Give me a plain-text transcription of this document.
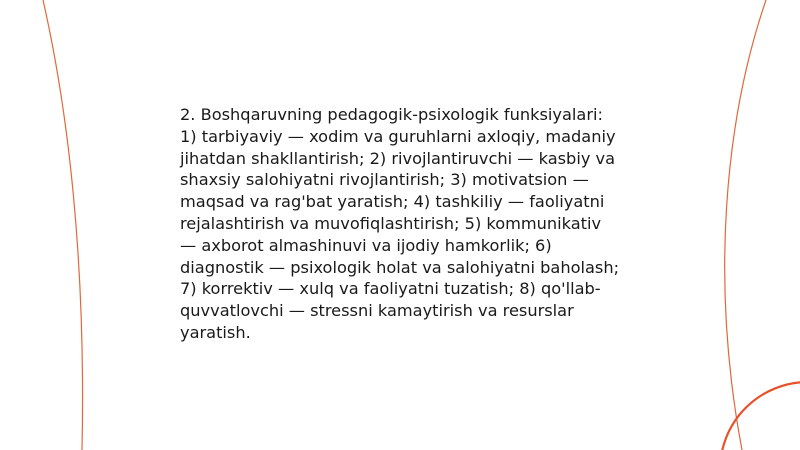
2. Boshqaruvning pedagogik-psixologik funksiyalari:
1) tarbiyaviy — xodim va guruhlarni axloqiy, madaniy
jihatdan shakllantirish; 2) rivojlantiruvchi — kasbiy va
shaxsiy salohiyatni rivojlantirish; 3) motivatsion —
maqsad va rag'bat yaratish; 4) tashkiliy — faoliyatni
rejalashtirish va muvofiqlashtirish; 5) kommunikativ
— axborot almashinuvi va ijodiy hamkorlik; 6)
diagnostik — psixologik holat va salohiyatni baholash;
7) korrektiv — xulq va faoliyatni tuzatish; 8) qo'llab-
quvvatlovchi — stressni kamaytirish va resurslar
yaratish.
